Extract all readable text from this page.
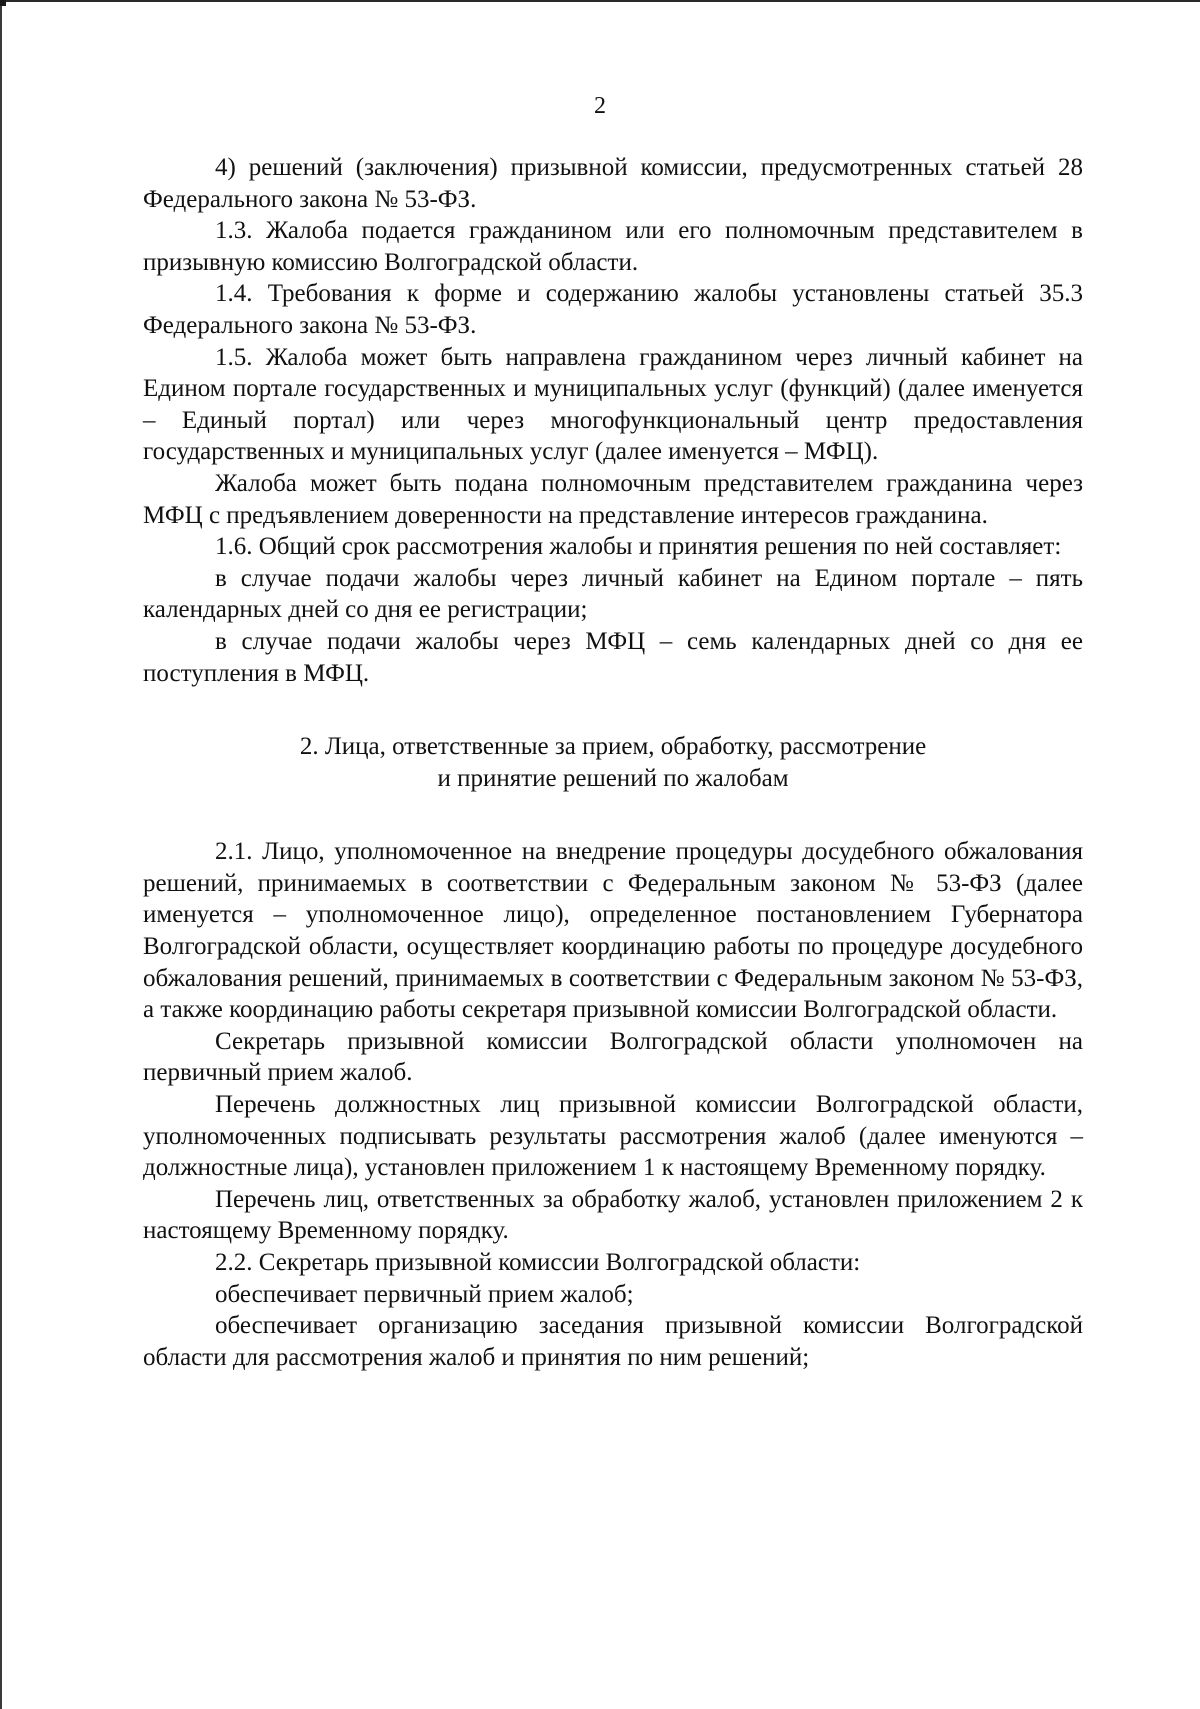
2

4) решений (заключения) призывной комиссии, предусмотренных статьей 28 Федерального закона № 53-ФЗ.

1.3. Жалоба подается гражданином или его полномочным представителем в призывную комиссию Волгоградской области.

1.4. Требования к форме и содержанию жалобы установлены статьей 35.3 Федерального закона № 53-ФЗ.

1.5. Жалоба может быть направлена гражданином через личный кабинет на Едином портале государственных и муниципальных услуг (функций) (далее именуется – Единый портал) или через многофункциональный центр предоставления государственных и муниципальных услуг (далее именуется – МФЦ).

Жалоба может быть подана полномочным представителем гражданина через МФЦ с предъявлением доверенности на представление интересов гражданина.

1.6. Общий срок рассмотрения жалобы и принятия решения по ней составляет:

в случае подачи жалобы через личный кабинет на Едином портале – пять календарных дней со дня ее регистрации;

в случае подачи жалобы через МФЦ – семь календарных дней со дня ее поступления в МФЦ.

2. Лица, ответственные за прием, обработку, рассмотрение
и принятие решений по жалобам

2.1. Лицо, уполномоченное на внедрение процедуры досудебного обжалования решений, принимаемых в соответствии с Федеральным законом № 53-ФЗ (далее именуется – уполномоченное лицо), определенное постановлением Губернатора Волгоградской области, осуществляет координацию работы по процедуре досудебного обжалования решений, принимаемых в соответствии с Федеральным законом № 53-ФЗ, а также координацию работы секретаря призывной комиссии Волгоградской области.

Секретарь призывной комиссии Волгоградской области уполномочен на первичный прием жалоб.

Перечень должностных лиц призывной комиссии Волгоградской области, уполномоченных подписывать результаты рассмотрения жалоб (далее именуются – должностные лица), установлен приложением 1 к настоящему Временному порядку.

Перечень лиц, ответственных за обработку жалоб, установлен приложением 2 к настоящему Временному порядку.

2.2. Секретарь призывной комиссии Волгоградской области:

обеспечивает первичный прием жалоб;

обеспечивает организацию заседания призывной комиссии Волгоградской области для рассмотрения жалоб и принятия по ним решений;
